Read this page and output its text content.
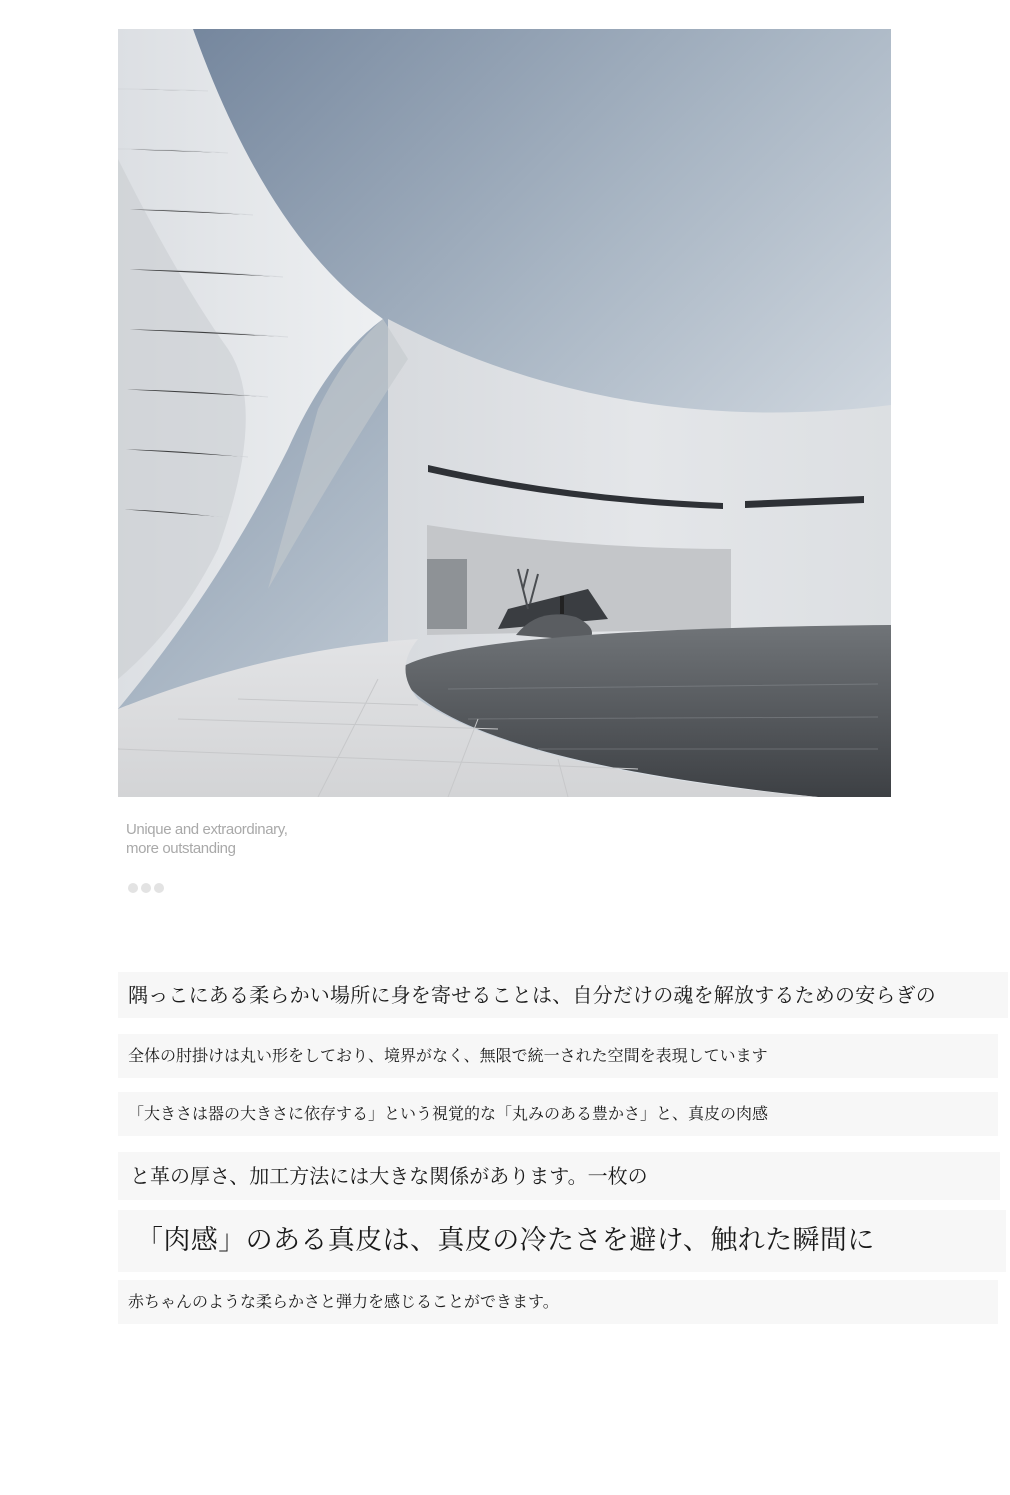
Unique and extraordinary,
more outstanding
隅っこにある柔らかい場所に身を寄せることは、自分だけの魂を解放するための安らぎの
全体の肘掛けは丸い形をしており、境界がなく、無限で統一された空間を表現しています
「大きさは器の大きさに依存する」という視覚的な「丸みのある豊かさ」と、真皮の肉感
と革の厚さ、加工方法には大きな関係があります。一枚の
「肉感」のある真皮は、真皮の冷たさを避け、触れた瞬間に
赤ちゃんのような柔らかさと弾力を感じることができます。
